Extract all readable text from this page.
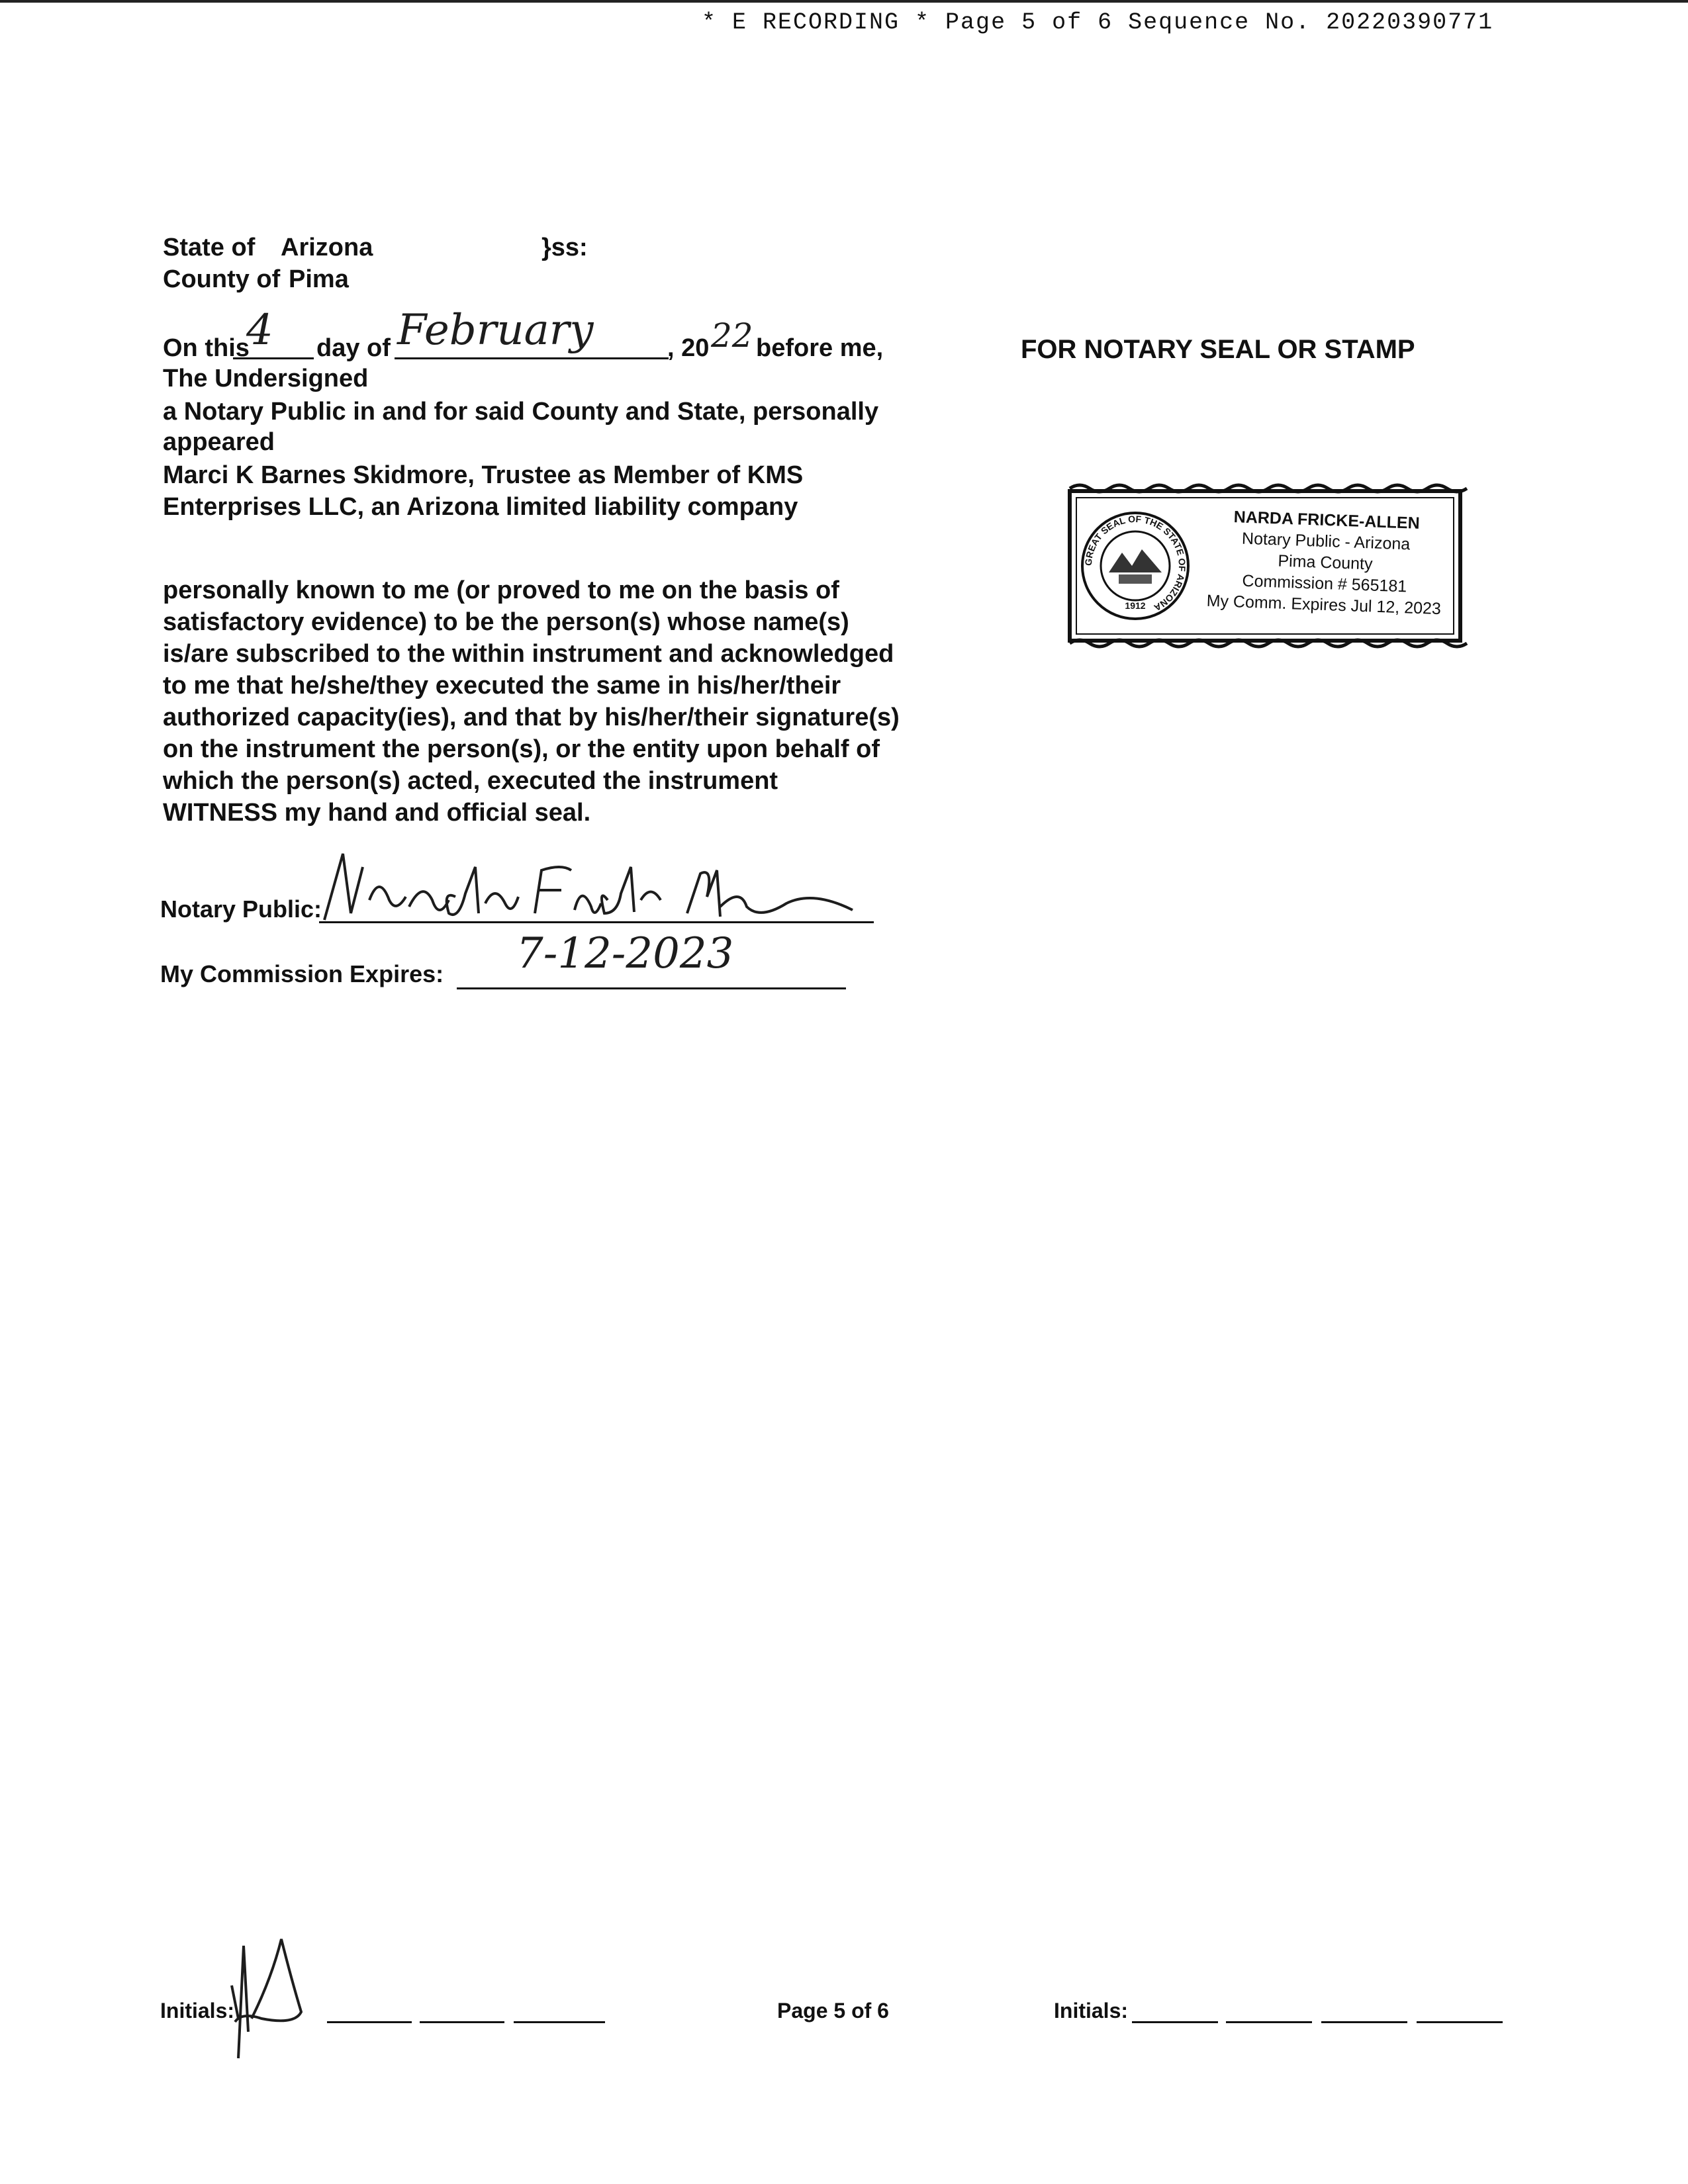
* E RECORDING * Page 5 of 6 Sequence No. 20220390771
State of Arizona	}ss:
County of Pima
On this
4 day of February	, 20 22 before me,
The Undersigned
a Notary Public in and for said County and State, personally
appeared
Marci K Barnes Skidmore, Trustee as Member of KMS
Enterprises LLC, an Arizona limited liability company
personally known to me (or proved to me on the basis of
satisfactory evidence) to be the person(s) whose name(s)
is/are subscribed to the within instrument and acknowledged
to me that he/she/they executed the same in his/her/their
authorized capacity(ies), and that by his/her/their signature(s)
on the instrument the person(s), or the entity upon behalf of
which the person(s) acted, executed the instrument
WITNESS my hand and official seal.
Notary Public:
My Commission Expires: 7-12-2023
FOR NOTARY SEAL OR STAMP
GREAT SEAL OF THE STATE OF ARIZONA
1912
NARDA FRICKE-ALLEN
Notary Public - Arizona
Pima County
Commission # 565181
My Comm. Expires Jul 12, 2023
Initials:	Page 5 of 6	Initials:
